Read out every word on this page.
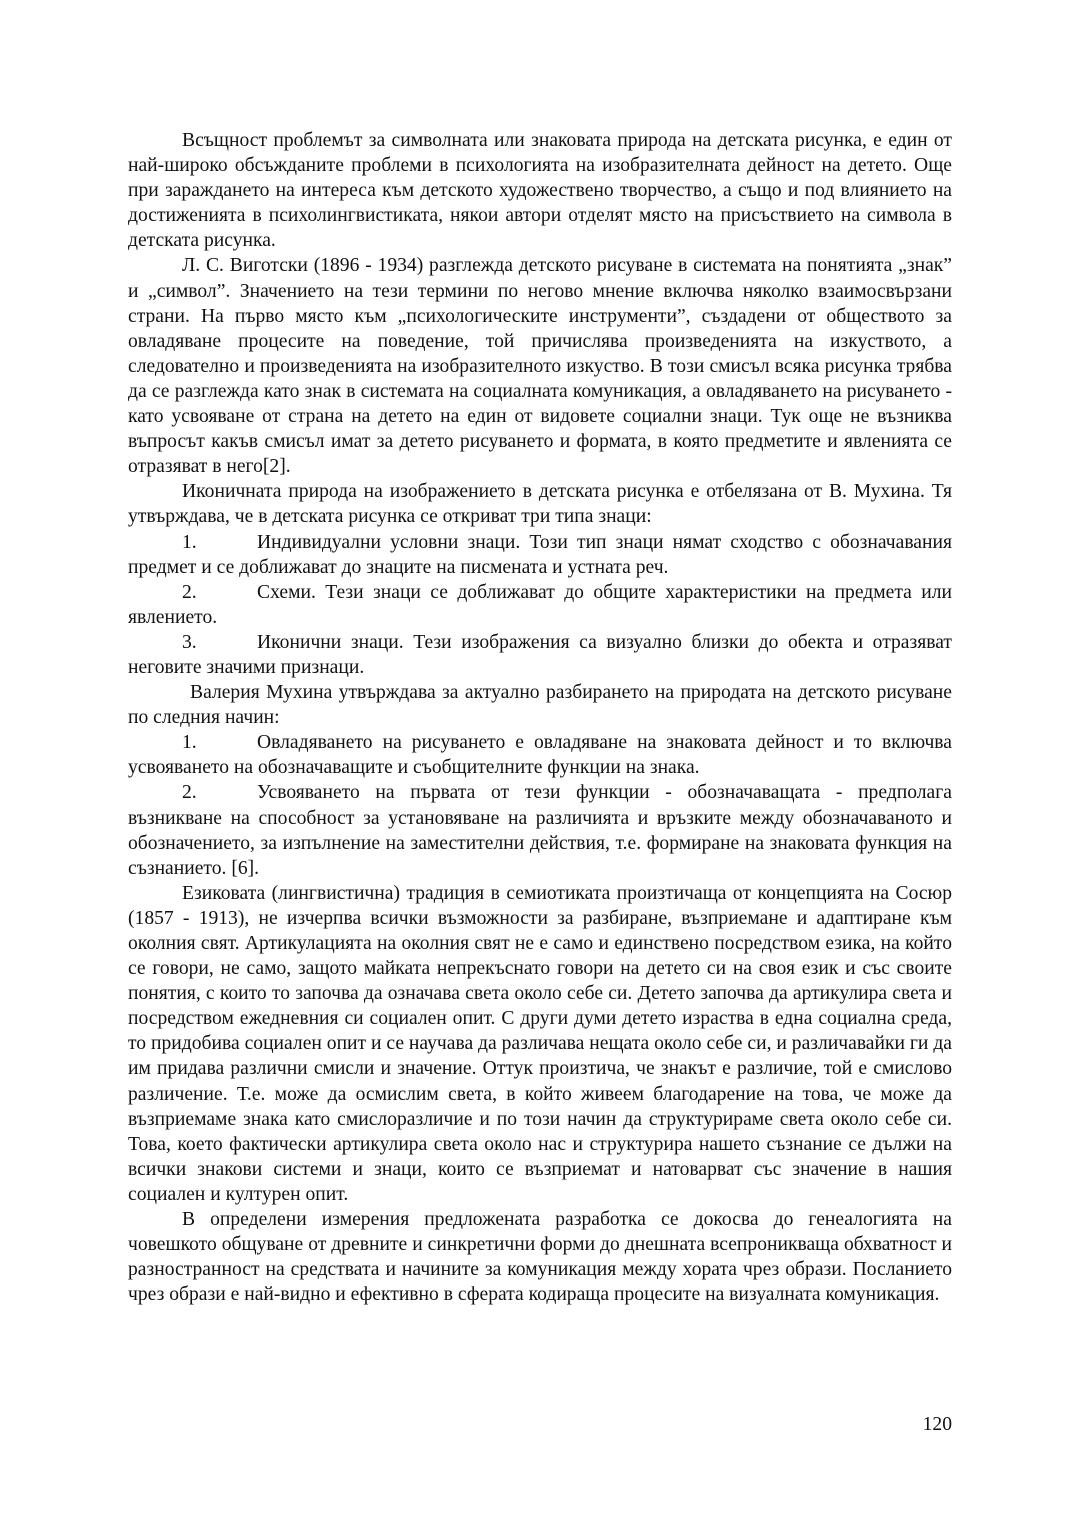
Всъщност проблемът за символната или знаковата природа на детската рисунка, е един от най-широко обсъжданите проблеми в психологията на изобразителната дейност на детето. Още при зараждането на интереса към детското художествено творчество, а също и под влиянието на достиженията в психолингвистиката, някои автори отделят място на присъствието на символа в детската рисунка.

Л. С. Виготски (1896 - 1934) разглежда детското рисуване в системата на понятията „знак” и „символ”. Значението на тези термини по негово мнение включва няколко взаимосвързани страни. На първо място към „психологическите инструменти”, създадени от обществото за овладяване процесите на поведение, той причислява произведенията на изкуството, а следователно и произведенията на изобразителното изкуство. В този смисъл всяка рисунка трябва да се разглежда като знак в системата на социалната комуникация, а овладяването на рисуването - като усвояване от страна на детето на един от видовете социални знаци. Тук още не възниква въпросът какъв смисъл имат за детето рисуването и формата, в която предметите и явленията се отразяват в него[2].

Иконичната природа на изображението в детската рисунка е отбелязана от В. Мухина. Тя утвърждава, че в детската рисунка се откриват три типа знаци:

1.	Индивидуални условни знаци. Този тип знаци нямат сходство с обозначавания предмет и се доближават до знаците на писмената и устната реч.

2.	Схеми. Тези знаци се доближават до общите характеристики на предмета или явлението.

3.	Иконични знаци. Тези изображения са визуално близки до обекта и отразяват неговите значими признаци.

Валерия Мухина утвърждава за актуално разбирането на природата на детското рисуване по следния начин:

1.	Овладяването на рисуването е овладяване на знаковата дейност и то включва усвояването на обозначаващите и съобщителните функции на знака.

2.	Усвояването на първата от тези функции - обозначаващата - предполага възникване на способност за установяване на различията и връзките между обозначаваното и обозначението, за изпълнение на заместителни действия, т.е. формиране на знаковата функция на съзнанието. [6].

Езиковата (лингвистична) традиция в семиотиката произтичаща от концепцията на Сосюр (1857 - 1913), не изчерпва всички възможности за разбиране, възприемане и адаптиране към околния свят. Артикулацията на околния свят не е само и единствено посредством езика, на който се говори, не само, защото майката непрекъснато говори на детето си на своя език и със своите понятия, с които то започва да означава света около себе си. Детето започва да артикулира света и посредством ежедневния си социален опит. С други думи детето израства в една социална среда, то придобива социален опит и се научава да различава нещата около себе си, и различавайки ги да им придава различни смисли и значение. Оттук произтича, че знакът е различие, той е смислово различение. Т.е. може да осмислим света, в който живеем благодарение на това, че може да възприемаме знака като смислоразличие и по този начин да структурираме света около себе си. Това, което фактически артикулира света около нас и структурира нашето съзнание се дължи на всички знакови системи и знаци, които се възприемат и натоварват със значение в нашия социален и културен опит.

В определени измерения предложената разработка се докосва до генеалогията на човешкото общуване от древните и синкретични форми до днешната всепроникваща обхватност и разностранност на средствата и начините за комуникация между хората чрез образи. Посланието чрез образи е най-видно и ефективно в сферата кодираща процесите на визуалната комуникация.

120
